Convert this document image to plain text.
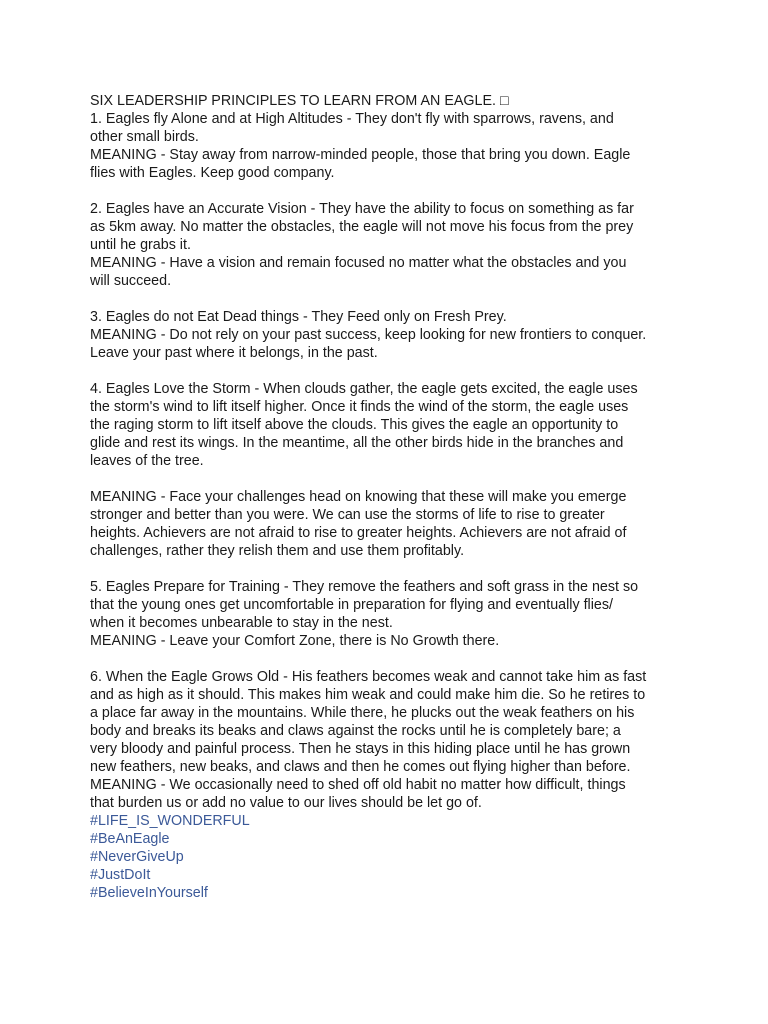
SIX LEADERSHIP PRINCIPLES TO LEARN FROM AN EAGLE. □
1. Eagles fly Alone and at High Altitudes - They don't fly with sparrows, ravens, and
other small birds.
MEANING - Stay away from narrow-minded people, those that bring you down. Eagle
flies with Eagles. Keep good company.
2. Eagles have an Accurate Vision - They have the ability to focus on something as far
as 5km away. No matter the obstacles, the eagle will not move his focus from the prey
until he grabs it.
MEANING - Have a vision and remain focused no matter what the obstacles and you
will succeed.
3. Eagles do not Eat Dead things - They Feed only on Fresh Prey.
MEANING - Do not rely on your past success, keep looking for new frontiers to conquer.
Leave your past where it belongs, in the past.
4. Eagles Love the Storm - When clouds gather, the eagle gets excited, the eagle uses
the storm's wind to lift itself higher. Once it finds the wind of the storm, the eagle uses
the raging storm to lift itself above the clouds. This gives the eagle an opportunity to
glide and rest its wings. In the meantime, all the other birds hide in the branches and
leaves of the tree.
MEANING - Face your challenges head on knowing that these will make you emerge
stronger and better than you were. We can use the storms of life to rise to greater
heights. Achievers are not afraid to rise to greater heights. Achievers are not afraid of
challenges, rather they relish them and use them profitably.
5. Eagles Prepare for Training - They remove the feathers and soft grass in the nest so
that the young ones get uncomfortable in preparation for flying and eventually flies/
when it becomes unbearable to stay in the nest.
MEANING - Leave your Comfort Zone, there is No Growth there.
6. When the Eagle Grows Old - His feathers becomes weak and cannot take him as fast
and as high as it should. This makes him weak and could make him die. So he retires to
a place far away in the mountains. While there, he plucks out the weak feathers on his
body and breaks its beaks and claws against the rocks until he is completely bare; a
very bloody and painful process. Then he stays in this hiding place until he has grown
new feathers, new beaks, and claws and then he comes out flying higher than before.
MEANING - We occasionally need to shed off old habit no matter how difficult, things
that burden us or add no value to our lives should be let go of.
#LIFE_IS_WONDERFUL
#BeAnEagle
#NeverGiveUp
#JustDoIt
#BelieveInYourself
